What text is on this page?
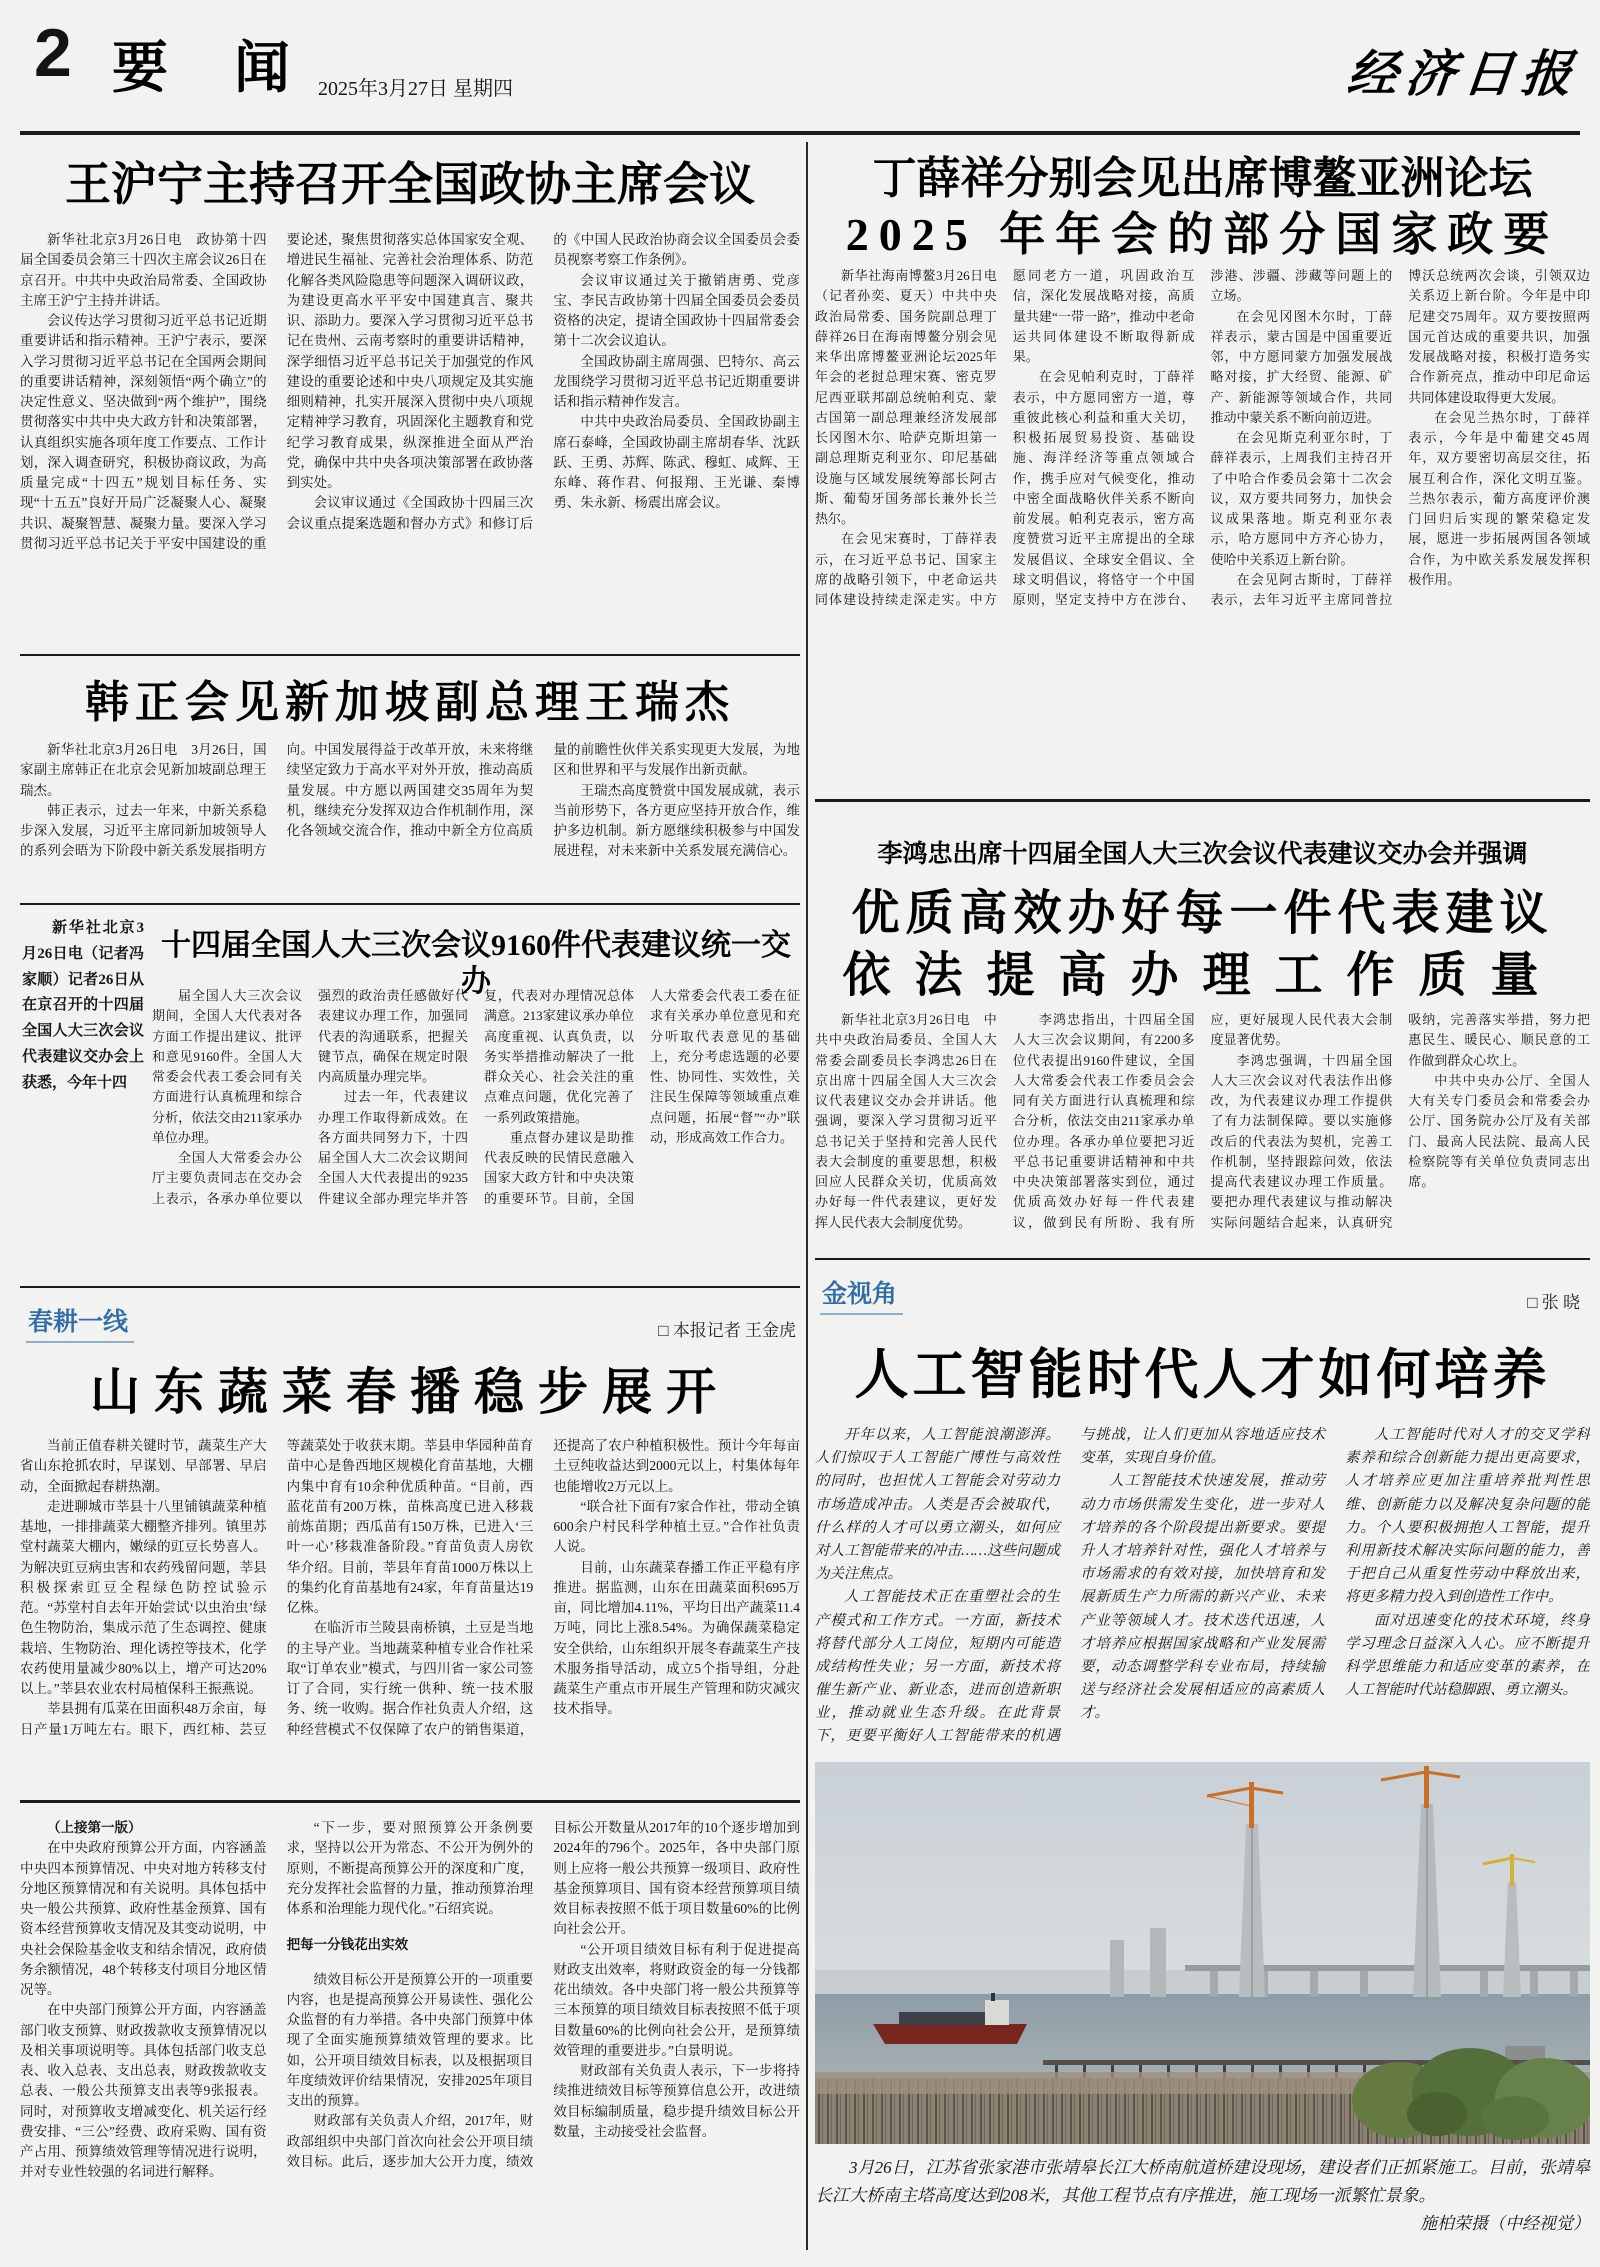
2 要 闻 2025年3月27日 星期四	经济日报
王沪宁主持召开全国政协主席会议

新华社北京3月26日电　政协第十四届全国委员会第三十四次主席会议26日在京召开。中共中央政治局常委、全国政协主席王沪宁主持并讲话。

会议传达学习贯彻习近平总书记近期重要讲话和指示精神。王沪宁表示，要深入学习贯彻习近平总书记在全国两会期间的重要讲话精神，深刻领悟“两个确立”的决定性意义、坚决做到“两个维护”，围绕贯彻落实中共中央大政方针和决策部署，认真组织实施各项年度工作要点、工作计划，深入调查研究，积极协商议政，为高质量完成“十四五”规划目标任务、实现“十五五”良好开局广泛凝聚人心、凝聚共识、凝聚智慧、凝聚力量。要深入学习贯彻习近平总书记关于平安中国建设的重要论述，聚焦贯彻落实总体国家安全观、增进民生福祉、完善社会治理体系、防范化解各类风险隐患等问题深入调研议政，为建设更高水平平安中国建真言、聚共识、添助力。要深入学习贯彻习近平总书记在贵州、云南考察时的重要讲话精神，深学细悟习近平总书记关于加强党的作风建设的重要论述和中央八项规定及其实施细则精神，扎实开展深入贯彻中央八项规定精神学习教育，巩固深化主题教育和党纪学习教育成果，纵深推进全面从严治党，确保中共中央各项决策部署在政协落到实处。

会议审议通过《全国政协十四届三次会议重点提案选题和督办方式》和修订后的《中国人民政治协商会议全国委员会委员视察考察工作条例》。

会议审议通过关于撤销唐勇、党彦宝、李民吉政协第十四届全国委员会委员资格的决定，提请全国政协十四届常委会第十二次会议追认。

全国政协副主席周强、巴特尔、高云龙围绕学习贯彻习近平总书记近期重要讲话和指示精神作发言。

中共中央政治局委员、全国政协副主席石泰峰，全国政协副主席胡春华、沈跃跃、王勇、苏辉、陈武、穆虹、咸辉、王东峰、蒋作君、何报翔、王光谦、秦博勇、朱永新、杨震出席会议。

韩正会见新加坡副总理王瑞杰

新华社北京3月26日电　3月26日，国家副主席韩正在北京会见新加坡副总理王瑞杰。

韩正表示，过去一年来，中新关系稳步深入发展，习近平主席同新加坡领导人的系列会晤为下阶段中新关系发展指明方向。中国发展得益于改革开放，未来将继续坚定致力于高水平对外开放，推动高质量发展。中方愿以两国建交35周年为契机，继续充分发挥双边合作机制作用，深化各领域交流合作，推动中新全方位高质量的前瞻性伙伴关系实现更大发展，为地区和世界和平与发展作出新贡献。

王瑞杰高度赞赏中国发展成就，表示当前形势下，各方更应坚持开放合作，维护多边机制。新方愿继续积极参与中国发展进程，对未来新中关系发展充满信心。

新华社北京3月26日电（记者冯家顺）记者26日从在京召开的十四届全国人大三次会议代表建议交办会上获悉，今年十四

十四届全国人大三次会议9160件代表建议统一交办

届全国人大三次会议期间，全国人大代表对各方面工作提出建议、批评和意见9160件。全国人大常委会代表工委会同有关方面进行认真梳理和综合分析，依法交由211家承办单位办理。

全国人大常委会办公厅主要负责同志在交办会上表示，各承办单位要以强烈的政治责任感做好代表建议办理工作，加强同代表的沟通联系，把握关键节点，确保在规定时限内高质量办理完毕。

过去一年，代表建议办理工作取得新成效。在各方面共同努力下，十四届全国人大二次会议期间全国人大代表提出的9235件建议全部办理完毕并答复，代表对办理情况总体满意。213家建议承办单位高度重视、认真负责，以务实举措推动解决了一批群众关心、社会关注的重点难点问题，优化完善了一系列政策措施。

重点督办建议是助推代表反映的民情民意融入国家大政方针和中央决策的重要环节。目前，全国人大常委会代表工委在征求有关承办单位意见和充分听取代表意见的基础上，充分考虑选题的必要性、协同性、实效性，关注民生保障等领域重点难点问题，拓展“督”“办”联动，形成高效工作合力。

春耕一线	□ 本报记者 王金虎
山东蔬菜春播稳步展开

当前正值春耕关键时节，蔬菜生产大省山东抢抓农时，早谋划、早部署、早启动，全面掀起春耕热潮。

走进聊城市莘县十八里铺镇蔬菜种植基地，一排排蔬菜大棚整齐排列。镇里苏堂村蔬菜大棚内，嫩绿的豇豆长势喜人。为解决豇豆病虫害和农药残留问题，莘县积极探索豇豆全程绿色防控试验示范。“苏堂村自去年开始尝试‘以虫治虫’绿色生物防治，集成示范了生态调控、健康栽培、生物防治、理化诱控等技术，化学农药使用量减少80%以上，增产可达20%以上。”莘县农业农村局植保科王振燕说。

莘县拥有瓜菜在田面积48万余亩，每日产量1万吨左右。眼下，西红柿、芸豆等蔬菜处于收获末期。莘县申华园种苗育苗中心是鲁西地区规模化育苗基地，大棚内集中育有10余种优质种苗。“目前，西蓝花苗有200万株，苗株高度已进入移栽前炼苗期；西瓜苗有150万株，已进入‘三叶一心’移栽准备阶段。”育苗负责人房钦华介绍。目前，莘县年育苗1000万株以上的集约化育苗基地有24家，年育苗量达19亿株。

在临沂市兰陵县南桥镇，土豆是当地的主导产业。当地蔬菜种植专业合作社采取“订单农业”模式，与四川省一家公司签订了合同，实行统一供种、统一技术服务、统一收购。据合作社负责人介绍，这种经营模式不仅保障了农户的销售渠道，还提高了农户种植积极性。预计今年每亩土豆纯收益达到2000元以上，村集体每年也能增收2万元以上。

“联合社下面有7家合作社，带动全镇600余户村民科学种植土豆。”合作社负责人说。

目前，山东蔬菜春播工作正平稳有序推进。据监测，山东在田蔬菜面积695万亩，同比增加4.11%，平均日出产蔬菜11.4万吨，同比上涨8.54%。为确保蔬菜稳定安全供给，山东组织开展冬春蔬菜生产技术服务指导活动，成立5个指导组，分赴蔬菜生产重点市开展生产管理和防灾减灾技术指导。

（上接第一版）

在中央政府预算公开方面，内容涵盖中央四本预算情况、中央对地方转移支付分地区预算情况和有关说明。具体包括中央一般公共预算、政府性基金预算、国有资本经营预算收支情况及其变动说明，中央社会保险基金收支和结余情况，政府债务余额情况，48个转移支付项目分地区情况等。

在中央部门预算公开方面，内容涵盖部门收支预算、财政拨款收支预算情况以及相关事项说明等。具体包括部门收支总表、收入总表、支出总表，财政拨款收支总表、一般公共预算支出表等9张报表。同时，对预算收支增减变化、机关运行经费安排、“三公”经费、政府采购、国有资产占用、预算绩效管理等情况进行说明，并对专业性较强的名词进行解释。

“下一步，要对照预算公开条例要求，坚持以公开为常态、不公开为例外的原则，不断提高预算公开的深度和广度，充分发挥社会监督的力量，推动预算治理体系和治理能力现代化。”石绍宾说。

把每一分钱花出实效

绩效目标公开是预算公开的一项重要内容，也是提高预算公开易读性、强化公众监督的有力举措。各中央部门预算中体现了全面实施预算绩效管理的要求。比如，公开项目绩效目标表，以及根据项目年度绩效评价结果情况，安排2025年项目支出的预算。

财政部有关负责人介绍，2017年，财政部组织中央部门首次向社会公开项目绩效目标。此后，逐步加大公开力度，绩效目标公开数量从2017年的10个逐步增加到2024年的796个。2025年，各中央部门原则上应将一般公共预算一级项目、政府性基金预算项目、国有资本经营预算项目绩效目标表按照不低于项目数量60%的比例向社会公开。

“公开项目绩效目标有利于促进提高财政支出效率，将财政资金的每一分钱都花出绩效。各中央部门将一般公共预算等三本预算的项目绩效目标表按照不低于项目数量60%的比例向社会公开，是预算绩效管理的重要进步。”白景明说。

财政部有关负责人表示，下一步将持续推进绩效目标等预算信息公开，改进绩效目标编制质量，稳步提升绩效目标公开数量，主动接受社会监督。

丁薛祥分别会见出席博鳌亚洲论坛
2025 年年会的部分国家政要

新华社海南博鳌3月26日电（记者孙奕、夏天）中共中央政治局常委、国务院副总理丁薛祥26日在海南博鳌分别会见来华出席博鳌亚洲论坛2025年年会的老挝总理宋赛、密克罗尼西亚联邦副总统帕利克、蒙古国第一副总理兼经济发展部长冈图木尔、哈萨克斯坦第一副总理斯克利亚尔、印尼基础设施与区域发展统筹部长阿古斯、葡萄牙国务部长兼外长兰热尔。

在会见宋赛时，丁薛祥表示，在习近平总书记、国家主席的战略引领下，中老命运共同体建设持续走深走实。中方愿同老方一道，巩固政治互信，深化发展战略对接，高质量共建“一带一路”，推动中老命运共同体建设不断取得新成果。

在会见帕利克时，丁薛祥表示，中方愿同密方一道，尊重彼此核心利益和重大关切，积极拓展贸易投资、基础设施、海洋经济等重点领域合作，携手应对气候变化，推动中密全面战略伙伴关系不断向前发展。帕利克表示，密方高度赞赏习近平主席提出的全球发展倡议、全球安全倡议、全球文明倡议，将恪守一个中国原则，坚定支持中方在涉台、涉港、涉疆、涉藏等问题上的立场。

在会见冈图木尔时，丁薛祥表示，蒙古国是中国重要近邻，中方愿同蒙方加强发展战略对接，扩大经贸、能源、矿产、新能源等领域合作，共同推动中蒙关系不断向前迈进。

在会见斯克利亚尔时，丁薛祥表示，上周我们主持召开了中哈合作委员会第十二次会议，双方要共同努力，加快会议成果落地。斯克利亚尔表示，哈方愿同中方齐心协力，使哈中关系迈上新台阶。

在会见阿古斯时，丁薛祥表示，去年习近平主席同普拉博沃总统两次会谈，引领双边关系迈上新台阶。今年是中印尼建交75周年。双方要按照两国元首达成的重要共识，加强发展战略对接，积极打造务实合作新亮点，推动中印尼命运共同体建设取得更大发展。

在会见兰热尔时，丁薛祥表示，今年是中葡建交45周年，双方要密切高层交往，拓展互利合作，深化文明互鉴。兰热尔表示，葡方高度评价澳门回归后实现的繁荣稳定发展，愿进一步拓展两国各领域合作，为中欧关系发展发挥积极作用。

李鸿忠出席十四届全国人大三次会议代表建议交办会并强调
优质高效办好每一件代表建议
依法提高办理工作质量

新华社北京3月26日电　中共中央政治局委员、全国人大常委会副委员长李鸿忠26日在京出席十四届全国人大三次会议代表建议交办会并讲话。他强调，要深入学习贯彻习近平总书记关于坚持和完善人民代表大会制度的重要思想，积极回应人民群众关切，优质高效办好每一件代表建议，更好发挥人民代表大会制度优势。

李鸿忠指出，十四届全国人大三次会议期间，有2200多位代表提出9160件建议，全国人大常委会代表工作委员会会同有关方面进行认真梳理和综合分析，依法交由211家承办单位办理。各承办单位要把习近平总书记重要讲话精神和中共中央决策部署落实到位，通过优质高效办好每一件代表建议，做到民有所盼、我有所应，更好展现人民代表大会制度显著优势。

李鸿忠强调，十四届全国人大三次会议对代表法作出修改，为代表建议办理工作提供了有力法制保障。要以实施修改后的代表法为契机，完善工作机制，坚持跟踪问效，依法提高代表建议办理工作质量。要把办理代表建议与推动解决实际问题结合起来，认真研究吸纳，完善落实举措，努力把惠民生、暖民心、顺民意的工作做到群众心坎上。

中共中央办公厅、全国人大有关专门委员会和常委会办公厅、国务院办公厅及有关部门、最高人民法院、最高人民检察院等有关单位负责同志出席。

金视角	□ 张 晓
人工智能时代人才如何培养

开年以来，人工智能浪潮澎湃。人们惊叹于人工智能广博性与高效性的同时，也担忧人工智能会对劳动力市场造成冲击。人类是否会被取代，什么样的人才可以勇立潮头，如何应对人工智能带来的冲击……这些问题成为关注焦点。

人工智能技术正在重塑社会的生产模式和工作方式。一方面，新技术将替代部分人工岗位，短期内可能造成结构性失业；另一方面，新技术将催生新产业、新业态，进而创造新职业，推动就业生态升级。在此背景下，更要平衡好人工智能带来的机遇与挑战，让人们更加从容地适应技术变革，实现自身价值。

人工智能技术快速发展，推动劳动力市场供需发生变化，进一步对人才培养的各个阶段提出新要求。要提升人才培养针对性，强化人才培养与市场需求的有效对接，加快培育和发展新质生产力所需的新兴产业、未来产业等领域人才。技术迭代迅速，人才培养应根据国家战略和产业发展需要，动态调整学科专业布局，持续输送与经济社会发展相适应的高素质人才。

人工智能时代对人才的交叉学科素养和综合创新能力提出更高要求，人才培养应更加注重培养批判性思维、创新能力以及解决复杂问题的能力。个人要积极拥抱人工智能，提升利用新技术解决实际问题的能力，善于把自己从重复性劳动中释放出来，将更多精力投入到创造性工作中。

面对迅速变化的技术环境，终身学习理念日益深入人心。应不断提升科学思维能力和适应变革的素养，在人工智能时代站稳脚跟、勇立潮头。

3月26日，江苏省张家港市张靖皋长江大桥南航道桥建设现场，建设者们正抓紧施工。目前，张靖皋长江大桥南主塔高度达到208米，其他工程节点有序推进，施工现场一派繁忙景象。
施柏荣摄（中经视觉）
